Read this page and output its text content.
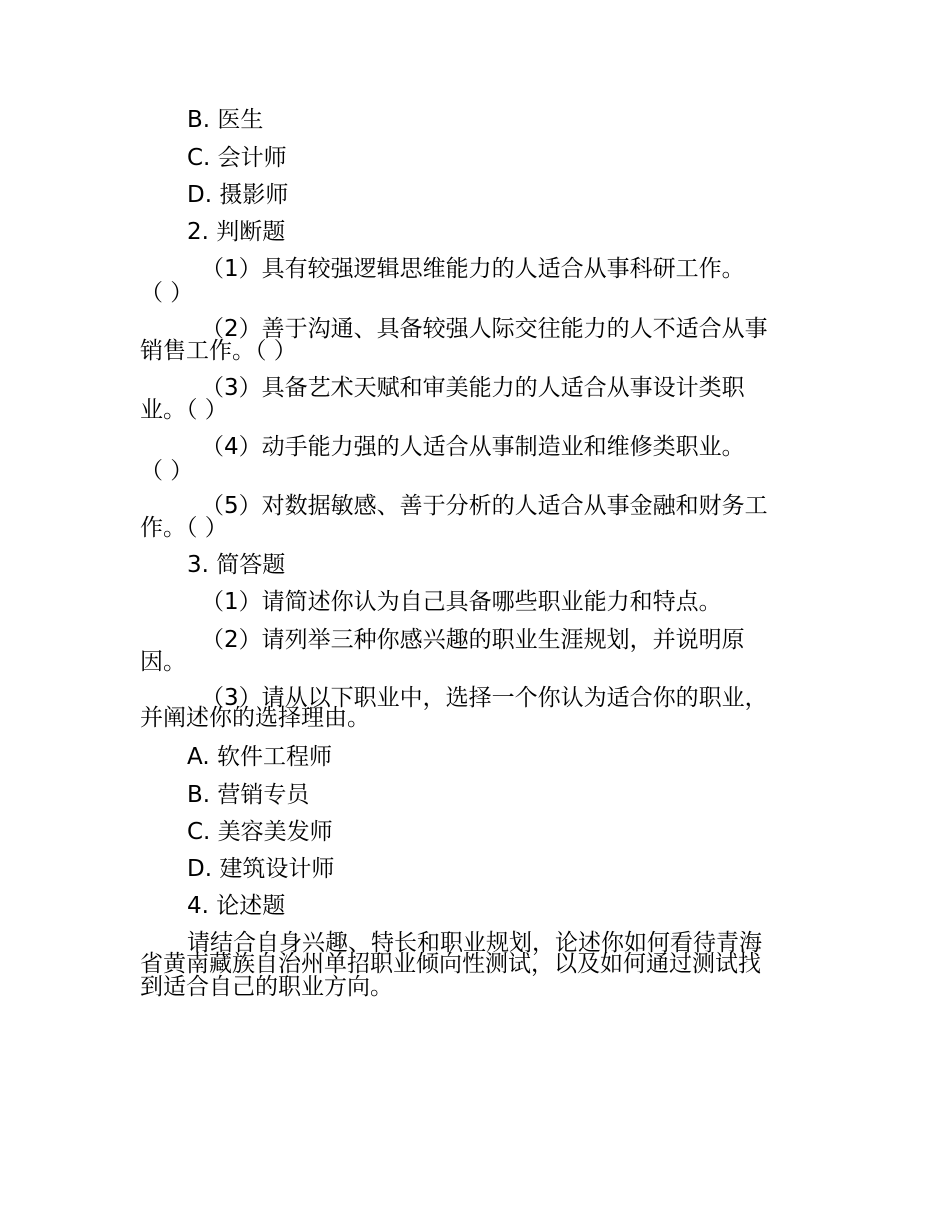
B. 医生
C. 会计师
D. 摄影师
2. 判断题
（1）具有较强逻辑思维能力的人适合从事科研工作。
（ ）
（2）善于沟通、具备较强人际交往能力的人不适合从事
销售工作。（ ）
（3）具备艺术天赋和审美能力的人适合从事设计类职
业。（ ）
（4）动手能力强的人适合从事制造业和维修类职业。
（ ）
（5）对数据敏感、善于分析的人适合从事金融和财务工
作。（ ）
3. 简答题
（1）请简述你认为自己具备哪些职业能力和特点。
（2）请列举三种你感兴趣的职业生涯规划，并说明原
因。
（3）请从以下职业中，选择一个你认为适合你的职业，
并阐述你的选择理由。
A. 软件工程师
B. 营销专员
C. 美容美发师
D. 建筑设计师
4. 论述题
请结合自身兴趣、特长和职业规划，论述你如何看待青海
省黄南藏族自治州单招职业倾向性测试，以及如何通过测试找
到适合自己的职业方向。
